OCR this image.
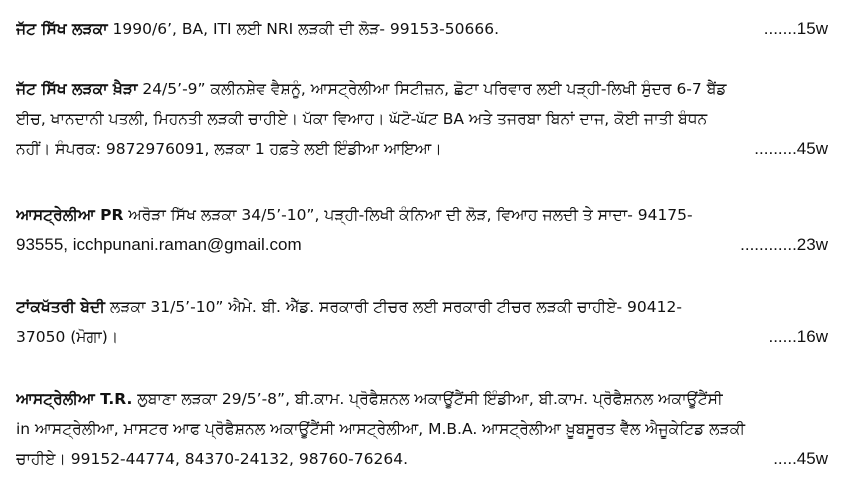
ਜੱਟ ਸਿੱਖ ਲੜਕਾ 1990/6’, BA, ITI ਲਈ NRI ਲੜਕੀ ਦੀ ਲੋੜ- 99153-50666.	.......15w
ਜੱਟ ਸਿੱਖ ਲੜਕਾ ਖ਼ੈੜਾ 24/5’-9” ਕਲੀਨਸ਼ੇਵ ਵੈਸ਼ਨੂੰ, ਆਸਟ੍ਰੇਲੀਆ ਸਿਟੀਜ਼ਨ, ਛੋਟਾ ਪਰਿਵਾਰ ਲਈ ਪੜ੍ਹੀ-ਲਿਖੀ ਸੁੰਦਰ 6-7 ਬੈਂਡ
ਈਚ, ਖਾਨਦਾਨੀ ਪਤਲੀ, ਮਿਹਨਤੀ ਲੜਕੀ ਚਾਹੀਏ। ਪੱਕਾ ਵਿਆਹ। ਘੱਟੋ-ਘੱਟ BA ਅਤੇ ਤਜਰਬਾ ਬਿਨਾਂ ਦਾਜ, ਕੋਈ ਜਾਤੀ ਬੰਧਨ
ਨਹੀਂ। ਸੰਪਰਕ: 9872976091, ਲੜਕਾ 1 ਹਫ਼ਤੇ ਲਈ ਇੰਡੀਆ ਆਇਆ।	.........45w
ਆਸਟ੍ਰੇਲੀਆ PR ਅਰੋੜਾ ਸਿੱਖ ਲੜਕਾ 34/5’-10”, ਪੜ੍ਹੀ-ਲਿਖੀ ਕੰਨਿਆ ਦੀ ਲੋੜ, ਵਿਆਹ ਜਲਦੀ ਤੇ ਸਾਦਾ- 94175-
93555, icchpunani.raman@gmail.com	............23w
ਟਾਂਕਖੱਤਰੀ ਬੇਦੀ ਲੜਕਾ 31/5’-10” ਐਮੇ. ਬੀ. ਐੱਡ. ਸਰਕਾਰੀ ਟੀਚਰ ਲਈ ਸਰਕਾਰੀ ਟੀਚਰ ਲੜਕੀ ਚਾਹੀਏ- 90412-
37050 (ਮੋਗਾ)।	......16w
ਆਸਟ੍ਰੇਲੀਆ T.R. ਲੁਬਾਣਾ ਲੜਕਾ 29/5’-8”, ਬੀ.ਕਾਮ. ਪ੍ਰੋਫੈਸ਼ਨਲ ਅਕਾਊਂਟੈਂਸੀ ਇੰਡੀਆ, ਬੀ.ਕਾਮ. ਪ੍ਰੋਫੈਸ਼ਨਲ ਅਕਾਊਂਟੈਂਸੀ
in ਆਸਟ੍ਰੇਲੀਆ, ਮਾਸਟਰ ਆਫ ਪ੍ਰੋਫੈਸ਼ਨਲ ਅਕਾਊਂਟੈਂਸੀ ਆਸਟ੍ਰੇਲੀਆ, M.B.A. ਆਸਟ੍ਰੇਲੀਆ ਖ਼ੂਬਸੂਰਤ ਵੈੱਲ ਐਜੂਕੇਟਿਡ ਲੜਕੀ
ਚਾਹੀਏ। 99152-44774, 84370-24132, 98760-76264.	.....45w
